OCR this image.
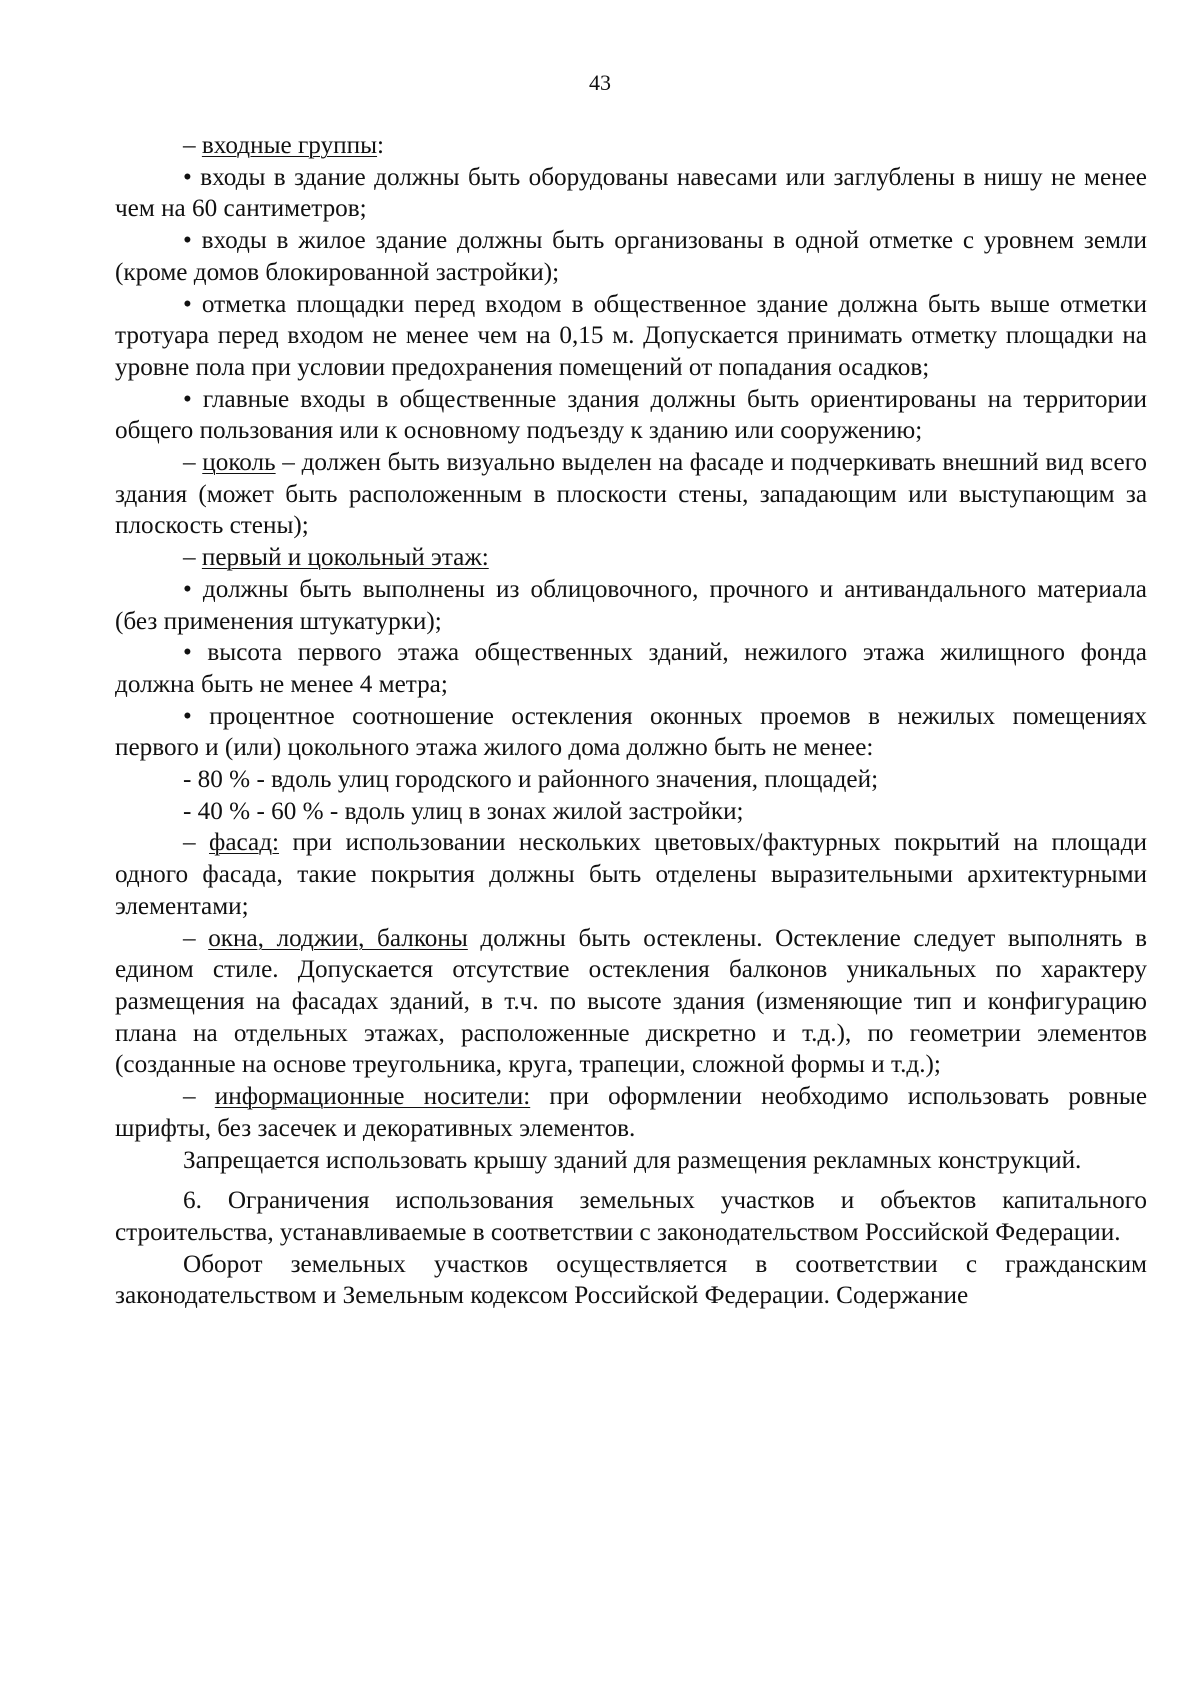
43

– входные группы:

• входы в здание должны быть оборудованы навесами или заглублены в нишу не менее чем на 60 сантиметров;

• входы в жилое здание должны быть организованы в одной отметке с уровнем земли (кроме домов блокированной застройки);

• отметка площадки перед входом в общественное здание должна быть выше отметки тротуара перед входом не менее чем на 0,15 м. Допускается принимать отметку площадки на уровне пола при условии предохранения помещений от попадания осадков;

• главные входы в общественные здания должны быть ориентированы на территории общего пользования или к основному подъезду к зданию или сооружению;

– цоколь – должен быть визуально выделен на фасаде и подчеркивать внешний вид всего здания (может быть расположенным в плоскости стены, западающим или выступающим за плоскость стены);

– первый и цокольный этаж:

• должны быть выполнены из облицовочного, прочного и антивандального материала (без применения штукатурки);

• высота первого этажа общественных зданий, нежилого этажа жилищного фонда должна быть не менее 4 метра;

• процентное соотношение остекления оконных проемов в нежилых помещениях первого и (или) цокольного этажа жилого дома должно быть не менее:

- 80 % - вдоль улиц городского и районного значения, площадей;

- 40 % - 60 % - вдоль улиц в зонах жилой застройки;

– фасад: при использовании нескольких цветовых/фактурных покрытий на площади одного фасада, такие покрытия должны быть отделены выразительными архитектурными элементами;

– окна, лоджии, балконы должны быть остеклены. Остекление следует выполнять в едином стиле. Допускается отсутствие остекления балконов уникальных по характеру размещения на фасадах зданий, в т.ч. по высоте здания (изменяющие тип и конфигурацию плана на отдельных этажах, расположенные дискретно и т.д.), по геометрии элементов (созданные на основе треугольника, круга, трапеции, сложной формы и т.д.);

– информационные носители: при оформлении необходимо использовать ровные шрифты, без засечек и декоративных элементов.

Запрещается использовать крышу зданий для размещения рекламных конструкций.

6. Ограничения использования земельных участков и объектов капитального строительства, устанавливаемые в соответствии с законодательством Российской Федерации.

Оборот земельных участков осуществляется в соответствии с гражданским законодательством и Земельным кодексом Российской Федерации. Содержание
